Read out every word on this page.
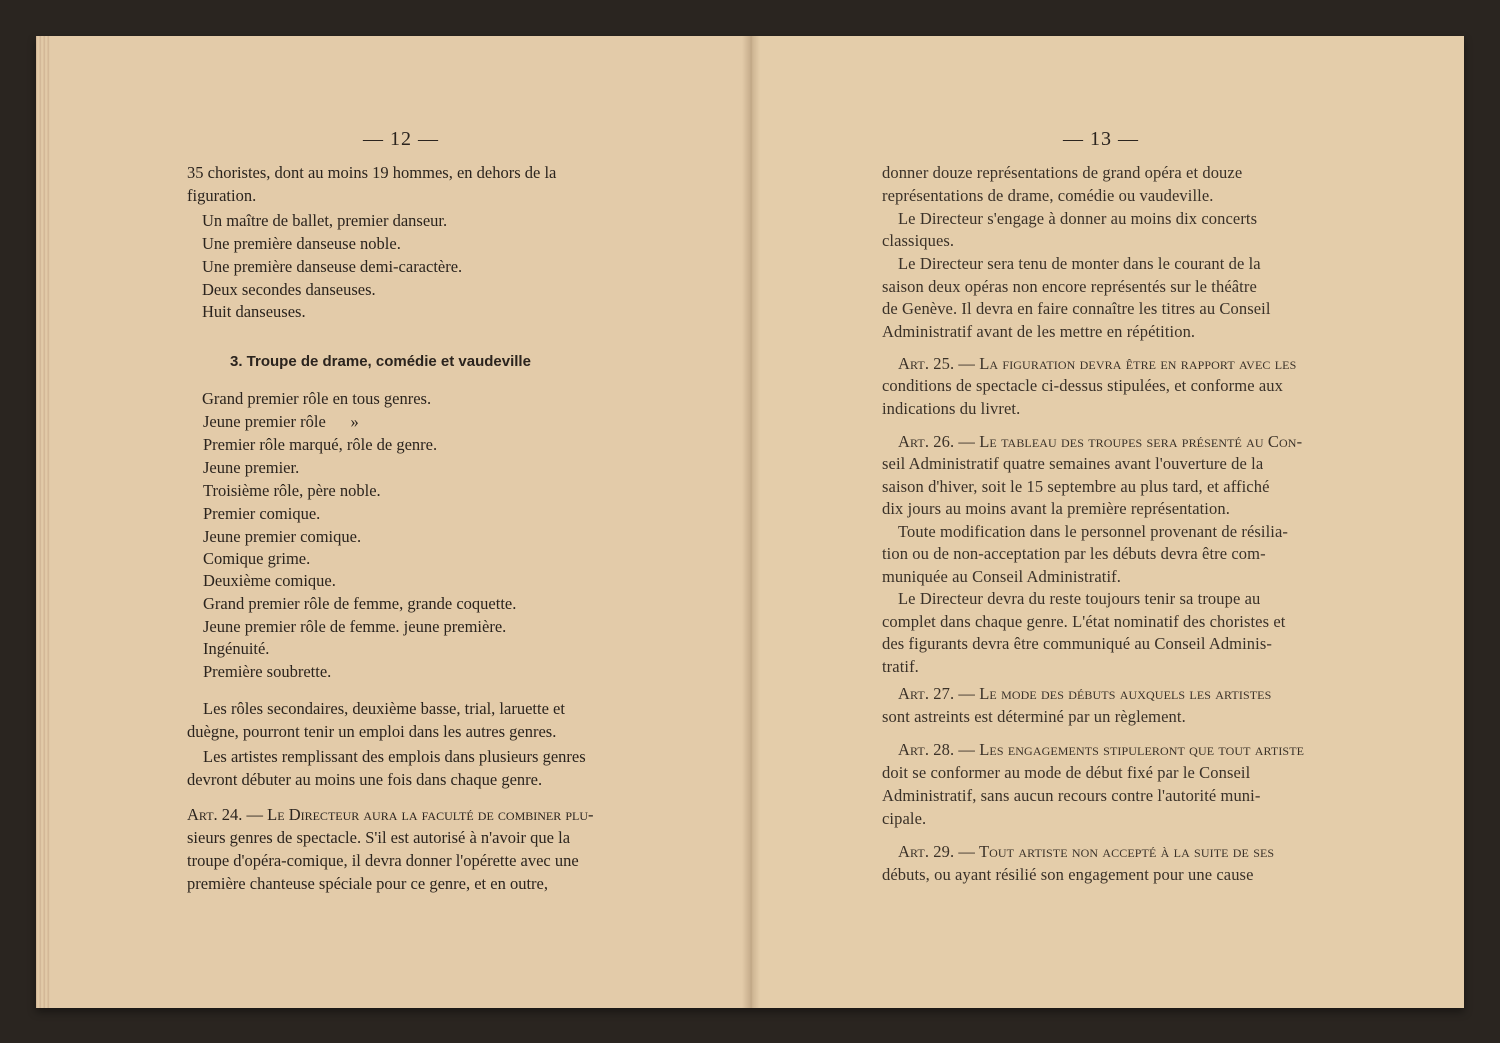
— 12 —
35 choristes, dont au moins 19 hommes, en dehors de la
figuration.
Un maître de ballet, premier danseur.
Une première danseuse noble.
Une première danseuse demi-caractère.
Deux secondes danseuses.
Huit danseuses.
3. Troupe de drame, comédie et vaudeville
Grand premier rôle en tous genres.
Jeune premier rôle      »
Premier rôle marqué, rôle de genre.
Jeune premier.
Troisième rôle, père noble.
Premier comique.
Jeune premier comique.
Comique grime.
Deuxième comique.
Grand premier rôle de femme, grande coquette.
Jeune premier rôle de femme. jeune première.
Ingénuité.
Première soubrette.
Les rôles secondaires, deuxième basse, trial, laruette et
duègne, pourront tenir un emploi dans les autres genres.
Les artistes remplissant des emplois dans plusieurs genres
devront débuter au moins une fois dans chaque genre.
Art. 24. — Le Directeur aura la faculté de combiner plu-
sieurs genres de spectacle. S'il est autorisé à n'avoir que la
troupe d'opéra-comique, il devra donner l'opérette avec une
première chanteuse spéciale pour ce genre, et en outre,
— 13 —
donner douze représentations de grand opéra et douze
représentations de drame, comédie ou vaudeville.
Le Directeur s'engage à donner au moins dix concerts
classiques.
Le Directeur sera tenu de monter dans le courant de la
saison deux opéras non encore représentés sur le théâtre
de Genève. Il devra en faire connaître les titres au Conseil
Administratif avant de les mettre en répétition.
Art. 25. — La figuration devra être en rapport avec les
conditions de spectacle ci-dessus stipulées, et conforme aux
indications du livret.
Art. 26. — Le tableau des troupes sera présenté au Con-
seil Administratif quatre semaines avant l'ouverture de la
saison d'hiver, soit le 15 septembre au plus tard, et affiché
dix jours au moins avant la première représentation.
Toute modification dans le personnel provenant de résilia-
tion ou de non-acceptation par les débuts devra être com-
muniquée au Conseil Administratif.
Le Directeur devra du reste toujours tenir sa troupe au
complet dans chaque genre. L'état nominatif des choristes et
des figurants devra être communiqué au Conseil Adminis-
tratif.
Art. 27. — Le mode des débuts auxquels les artistes
sont astreints est déterminé par un règlement.
Art. 28. — Les engagements stipuleront que tout artiste
doit se conformer au mode de début fixé par le Conseil
Administratif, sans aucun recours contre l'autorité muni-
cipale.
Art. 29. — Tout artiste non accepté à la suite de ses
débuts, ou ayant résilié son engagement pour une cause
